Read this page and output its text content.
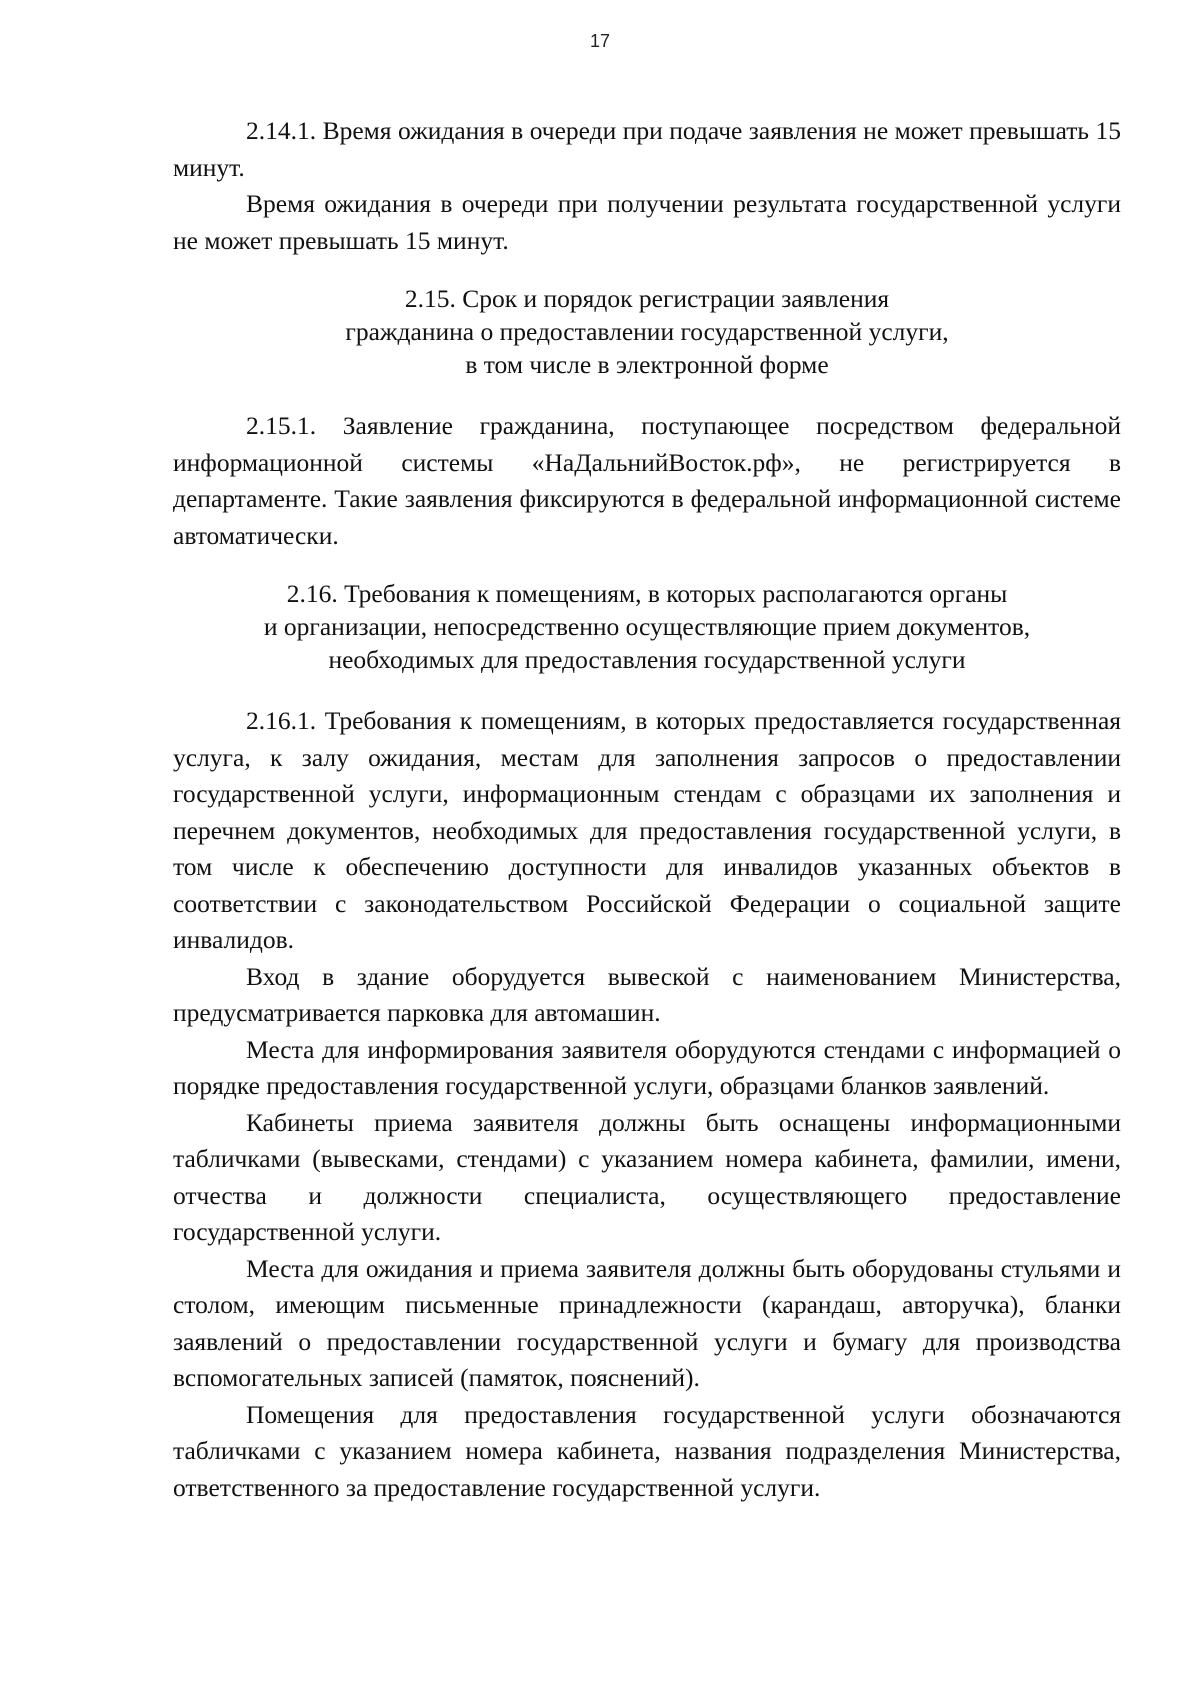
17

2.14.1. Время ожидания в очереди при подаче заявления не может превышать 15 минут.

Время ожидания в очереди при получении результата государственной услуги не может превышать 15 минут.

2.15. Срок и порядок регистрации заявления

гражданина о предоставлении государственной услуги,

в том числе в электронной форме

2.15.1. Заявление гражданина, поступающее посредством федеральной информационной системы «НаДальнийВосток.рф», не регистрируется в департаменте. Такие заявления фиксируются в федеральной информационной системе автоматически.

2.16. Требования к помещениям, в которых располагаются органы

и организации, непосредственно осуществляющие прием документов,

необходимых для предоставления государственной услуги

2.16.1. Требования к помещениям, в которых предоставляется государственная услуга, к залу ожидания, местам для заполнения запросов о предоставлении государственной услуги, информационным стендам с образцами их заполнения и перечнем документов, необходимых для предоставления государственной услуги, в том числе к обеспечению доступности для инвалидов указанных объектов в соответствии с законодательством Российской Федерации о социальной защите инвалидов.

Вход в здание оборудуется вывеской с наименованием Министерства, предусматривается парковка для автомашин.

Места для информирования заявителя оборудуются стендами с информацией о порядке предоставления государственной услуги, образцами бланков заявлений.

Кабинеты приема заявителя должны быть оснащены информационными табличками (вывесками, стендами) с указанием номера кабинета, фамилии, имени, отчества и должности специалиста, осуществляющего предоставление государственной услуги.

Места для ожидания и приема заявителя должны быть оборудованы стульями и столом, имеющим письменные принадлежности (карандаш, авторучка), бланки заявлений о предоставлении государственной услуги и бумагу для производства вспомогательных записей (памяток, пояснений).

Помещения для предоставления государственной услуги обозначаются табличками с указанием номера кабинета, названия подразделения Министерства, ответственного за предоставление государственной услуги.
